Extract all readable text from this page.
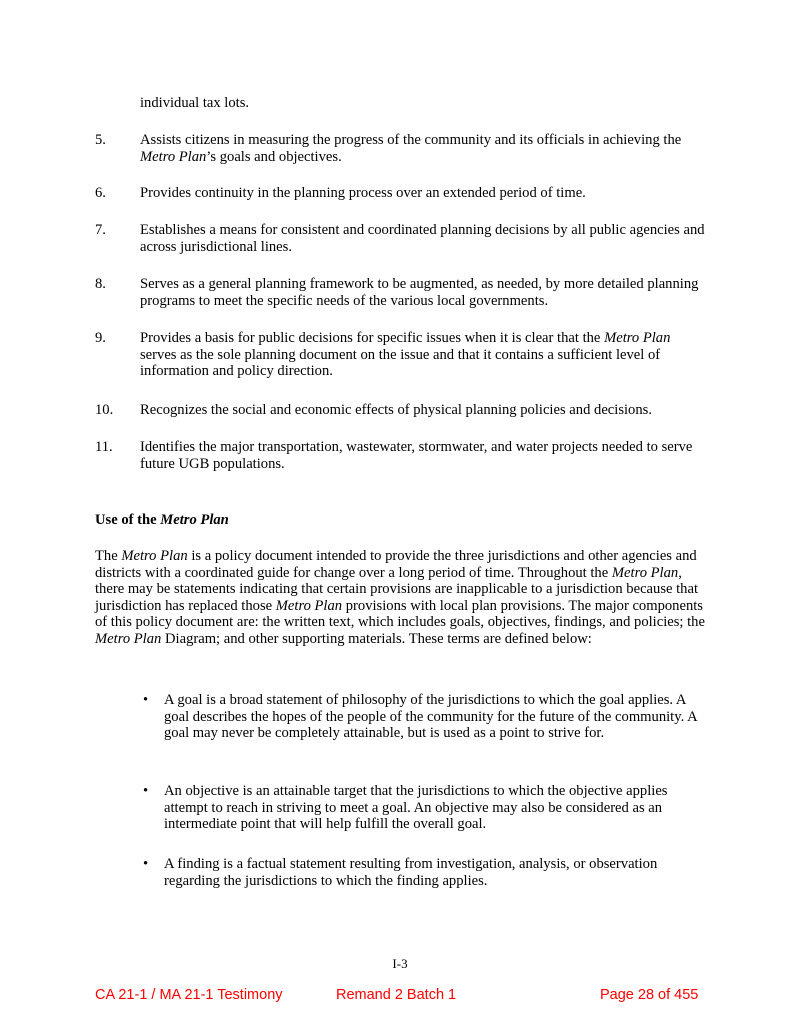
individual tax lots.

5. Assists citizens in measuring the progress of the community and its officials in achieving the Metro Plan’s goals and objectives.

6. Provides continuity in the planning process over an extended period of time.

7. Establishes a means for consistent and coordinated planning decisions by all public agencies and across jurisdictional lines.

8. Serves as a general planning framework to be augmented, as needed, by more detailed planning programs to meet the specific needs of the various local governments.

9. Provides a basis for public decisions for specific issues when it is clear that the Metro Plan serves as the sole planning document on the issue and that it contains a sufficient level of information and policy direction.

10. Recognizes the social and economic effects of physical planning policies and decisions.

11. Identifies the major transportation, wastewater, stormwater, and water projects needed to serve future UGB populations.

Use of the Metro Plan

The Metro Plan is a policy document intended to provide the three jurisdictions and other agencies and districts with a coordinated guide for change over a long period of time. Throughout the Metro Plan, there may be statements indicating that certain provisions are inapplicable to a jurisdiction because that jurisdiction has replaced those Metro Plan provisions with local plan provisions. The major components of this policy document are: the written text, which includes goals, objectives, findings, and policies; the Metro Plan Diagram; and other supporting materials. These terms are defined below:

• A goal is a broad statement of philosophy of the jurisdictions to which the goal applies. A goal describes the hopes of the people of the community for the future of the community. A goal may never be completely attainable, but is used as a point to strive for.

• An objective is an attainable target that the jurisdictions to which the objective applies attempt to reach in striving to meet a goal. An objective may also be considered as an intermediate point that will help fulfill the overall goal.

• A finding is a factual statement resulting from investigation, analysis, or observation regarding the jurisdictions to which the finding applies.

I-3
CA 21-1 / MA 21-1 Testimony	Remand 2 Batch 1	Page 28 of 455
